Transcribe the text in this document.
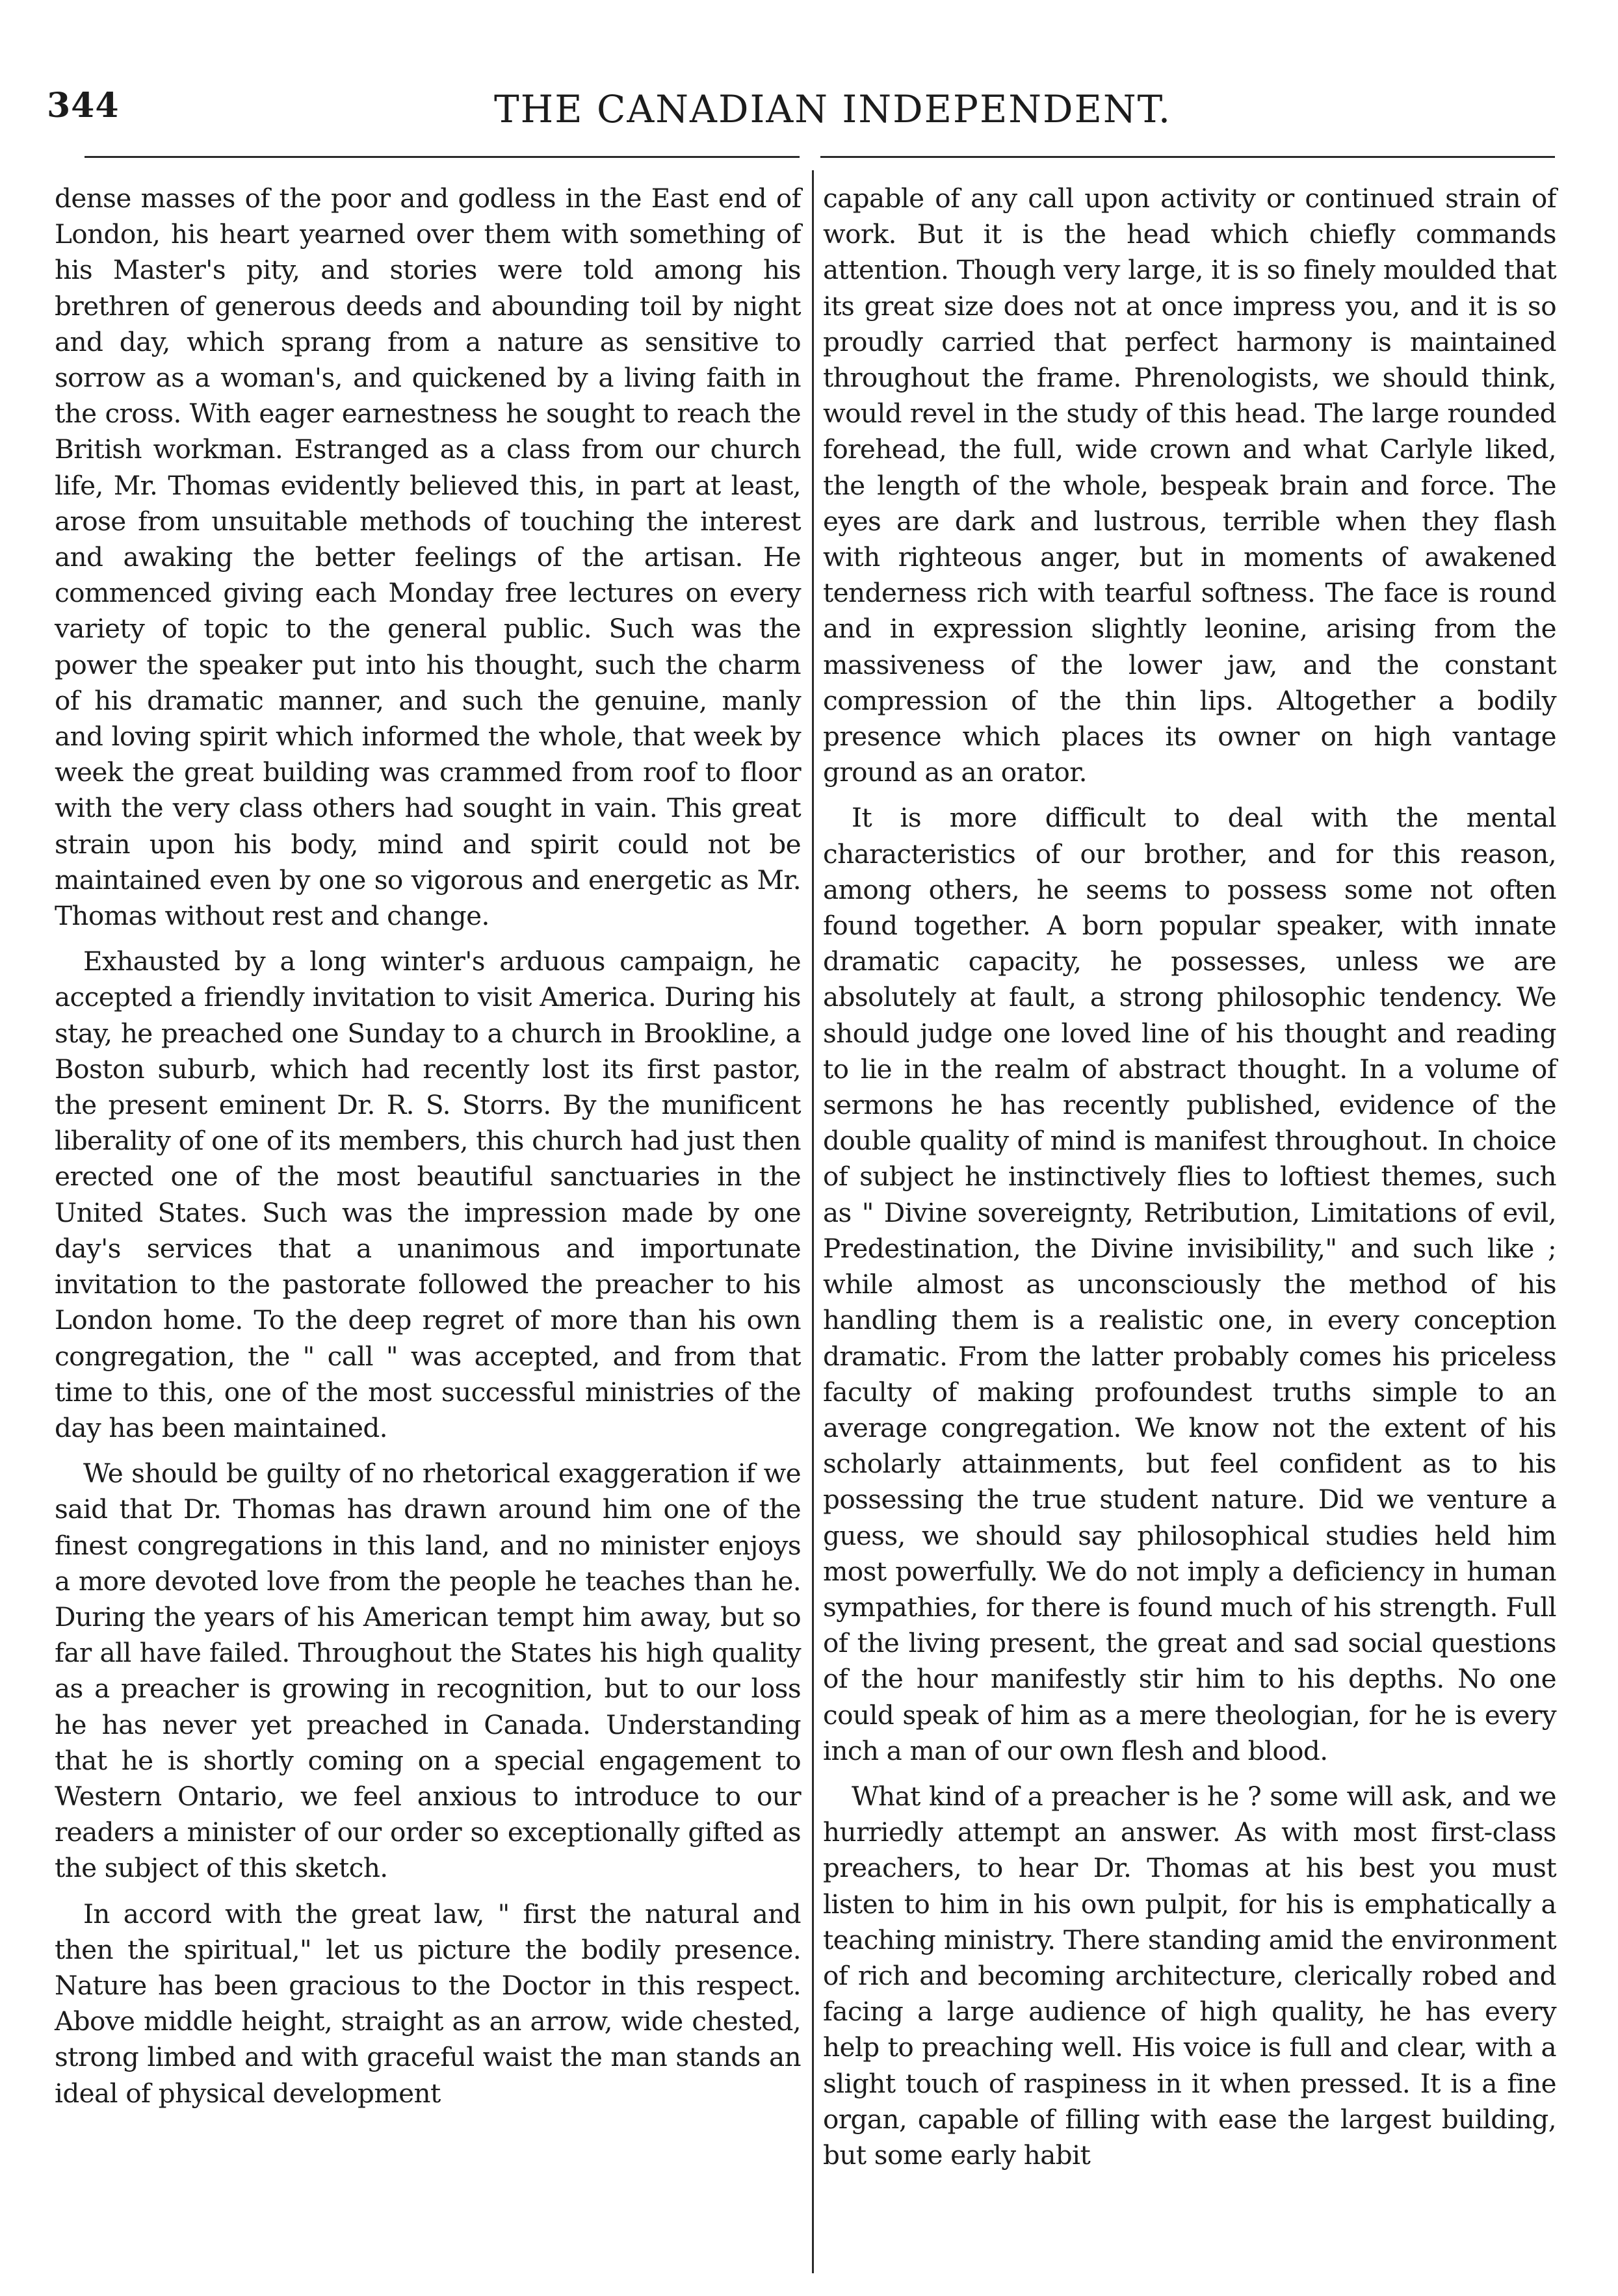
344	THE CANADIAN INDEPENDENT.

dense masses of the poor and godless in the East end of London, his heart yearned over them with something of his Master's pity, and stories were told among his brethren of generous deeds and abounding toil by night and day, which sprang from a nature as sensitive to sorrow as a woman's, and quickened by a living faith in the cross. With eager earnestness he sought to reach the British workman. Estranged as a class from our church life, Mr. Thomas evidently believed this, in part at least, arose from unsuitable methods of touching the interest and awaking the better feelings of the artisan. He commenced giving each Monday free lectures on every variety of topic to the general public. Such was the power the speaker put into his thought, such the charm of his dramatic manner, and such the genuine, manly and loving spirit which informed the whole, that week by week the great building was crammed from roof to floor with the very class others had sought in vain. This great strain upon his body, mind and spirit could not be maintained even by one so vigorous and energetic as Mr. Thomas without rest and change.

Exhausted by a long winter's arduous campaign, he accepted a friendly invitation to visit America. During his stay, he preached one Sunday to a church in Brookline, a Boston suburb, which had recently lost its first pastor, the present eminent Dr. R. S. Storrs. By the munificent liberality of one of its members, this church had just then erected one of the most beautiful sanctuaries in the United States. Such was the impression made by one day's services that a unanimous and importunate invitation to the pastorate followed the preacher to his London home. To the deep regret of more than his own congregation, the " call " was accepted, and from that time to this, one of the most successful ministries of the day has been maintained.

We should be guilty of no rhetorical exaggeration if we said that Dr. Thomas has drawn around him one of the finest congregations in this land, and no minister enjoys a more devoted love from the people he teaches than he. During the years of his American tempt him away, but so far all have failed. Throughout the States his high quality as a preacher is growing in recognition, but to our loss he has never yet preached in Canada. Understanding that he is shortly coming on a special engagement to Western Ontario, we feel anxious to introduce to our readers a minister of our order so exceptionally gifted as the subject of this sketch.

In accord with the great law, " first the natural and then the spiritual," let us picture the bodily presence. Nature has been gracious to the Doctor in this respect. Above middle height, straight as an arrow, wide chested, strong limbed and with graceful waist the man stands an ideal of physical development

capable of any call upon activity or continued strain of work. But it is the head which chiefly commands attention. Though very large, it is so finely moulded that its great size does not at once impress you, and it is so proudly carried that perfect harmony is maintained throughout the frame. Phrenologists, we should think, would revel in the study of this head. The large rounded forehead, the full, wide crown and what Carlyle liked, the length of the whole, bespeak brain and force. The eyes are dark and lustrous, terrible when they flash with righteous anger, but in moments of awakened tenderness rich with tearful softness. The face is round and in expression slightly leonine, arising from the massiveness of the lower jaw, and the constant compression of the thin lips. Altogether a bodily presence which places its owner on high vantage ground as an orator.

It is more difficult to deal with the mental characteristics of our brother, and for this reason, among others, he seems to possess some not often found together. A born popular speaker, with innate dramatic capacity, he possesses, unless we are absolutely at fault, a strong philosophic tendency. We should judge one loved line of his thought and reading to lie in the realm of abstract thought. In a volume of sermons he has recently published, evidence of the double quality of mind is manifest throughout. In choice of subject he instinctively flies to loftiest themes, such as " Divine sovereignty, Retribution, Limitations of evil, Predestination, the Divine invisibility," and such like ; while almost as unconsciously the method of his handling them is a realistic one, in every conception dramatic. From the latter probably comes his priceless faculty of making profoundest truths simple to an average congregation. We know not the extent of his scholarly attainments, but feel confident as to his possessing the true student nature. Did we venture a guess, we should say philosophical studies held him most powerfully. We do not imply a deficiency in human sympathies, for there is found much of his strength. Full of the living present, the great and sad social questions of the hour manifestly stir him to his depths. No one could speak of him as a mere theologian, for he is every inch a man of our own flesh and blood.

What kind of a preacher is he ? some will ask, and we hurriedly attempt an answer. As with most first-class preachers, to hear Dr. Thomas at his best you must listen to him in his own pulpit, for his is emphatically a teaching ministry. There standing amid the environment of rich and becoming architecture, clerically robed and facing a large audience of high quality, he has every help to preaching well. His voice is full and clear, with a slight touch of raspiness in it when pressed. It is a fine organ, capable of filling with ease the largest building, but some early habit
